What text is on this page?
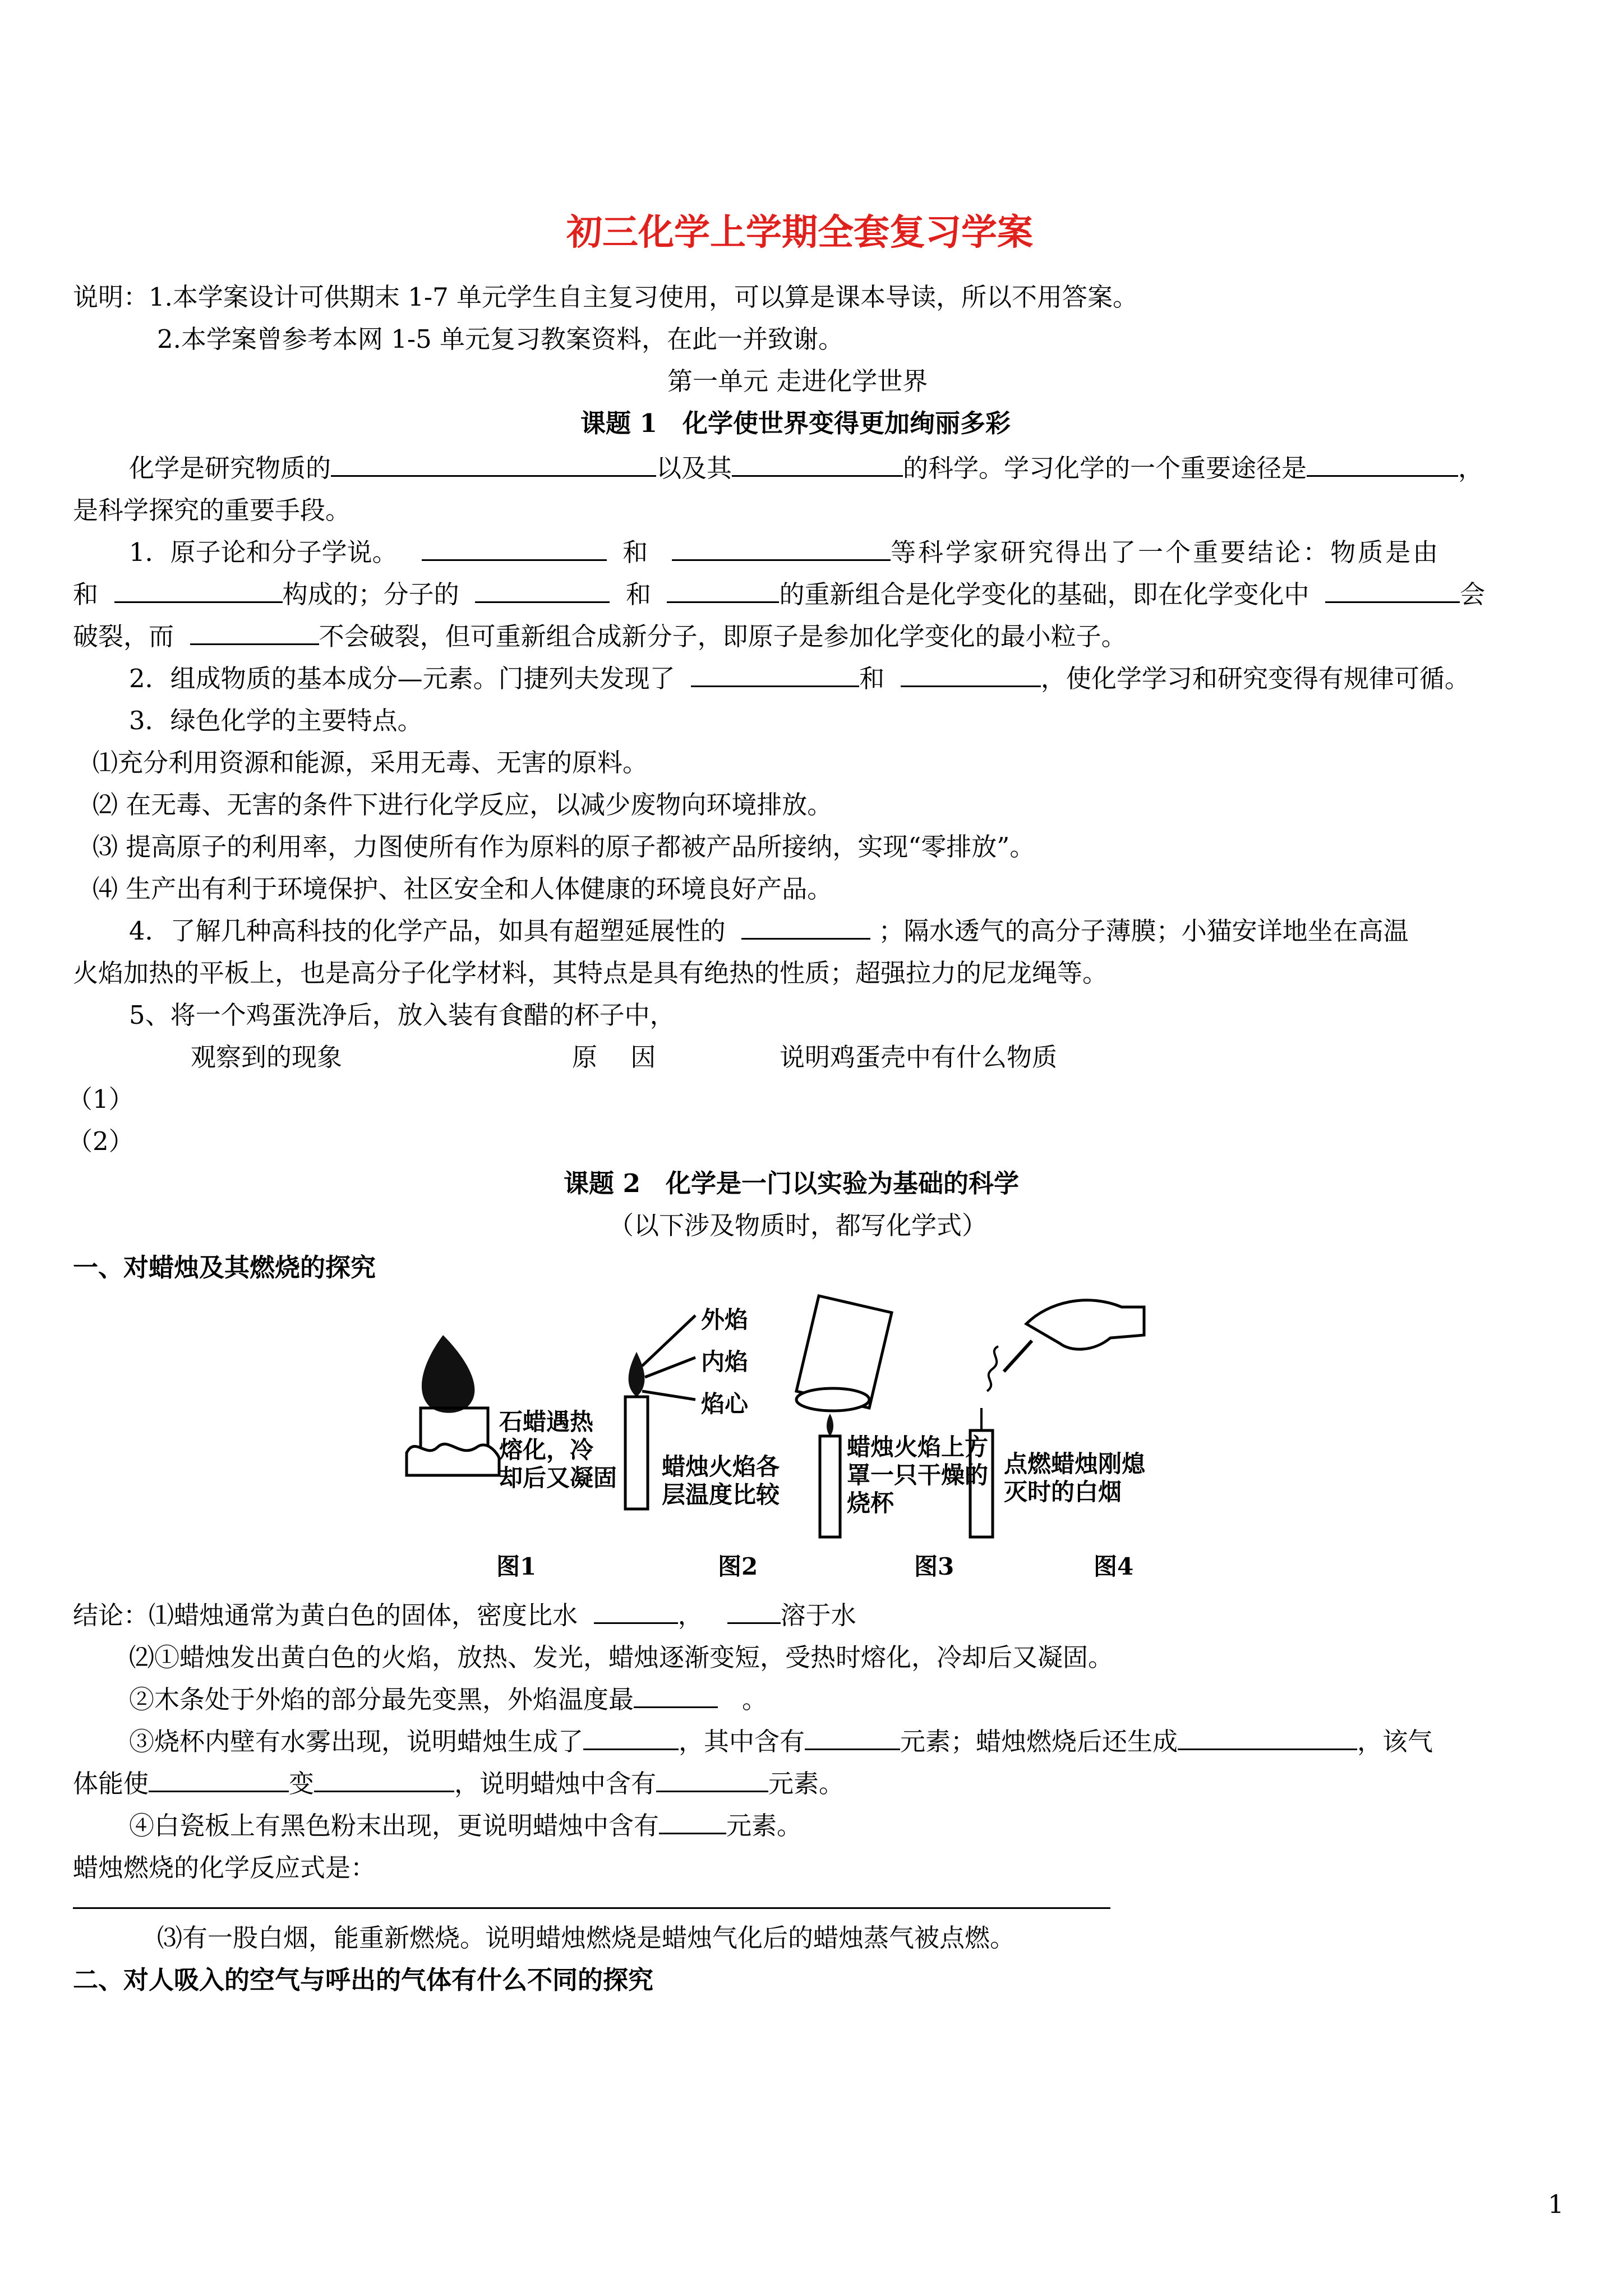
初三化学上学期全套复习学案
说明：1.本学案设计可供期末 1-7 单元学生自主复习使用，可以算是课本导读，所以不用答案。
2.本学案曾参考本网 1-5 单元复习教案资料，在此一并致谢。
第一单元 走进化学世界
课题 1　化学使世界变得更加绚丽多彩
化学是研究物质的	以及其	的科学。学习化学的一个重要途径是	，
是科学探究的重要手段。
1．原子论和分子学说。	和	等科学家研究得出了一个重要结论：物质是由
和	构成的；分子的	和	的重新组合是化学变化的基础，即在化学变化中	会
破裂，而	不会破裂，但可重新组合成新分子，即原子是参加化学变化的最小粒子。
2．组成物质的基本成分—元素。门捷列夫发现了	和	，使化学学习和研究变得有规律可循。
3．绿色化学的主要特点。
⑴充分利用资源和能源，采用无毒、无害的原料。
⑵ 在无毒、无害的条件下进行化学反应，以减少废物向环境排放。
⑶ 提高原子的利用率，力图使所有作为原料的原子都被产品所接纳，实现“零排放”。
⑷ 生产出有利于环境保护、社区安全和人体健康的环境良好产品。
4．了解几种高科技的化学产品，如具有超塑延展性的	；隔水透气的高分子薄膜；小猫安详地坐在高温
火焰加热的平板上，也是高分子化学材料，其特点是具有绝热的性质；超强拉力的尼龙绳等。
5、将一个鸡蛋洗净后，放入装有食醋的杯子中，
观察到的现象	原　 因	说明鸡蛋壳中有什么物质
（1）
（2）
课题 2　化学是一门以实验为基础的科学
（以下涉及物质时，都写化学式）
一、对蜡烛及其燃烧的探究
石蜡遇热
熔化，冷
却后又凝固
外焰
内焰
焰心
蜡烛火焰各
层温度比较
蜡烛火焰上方
罩一只干燥的
烧杯
点燃蜡烛刚熄
灭时的白烟
图1	图2	图3	图4
结论：⑴蜡烛通常为黄白色的固体，密度比水	，	溶于水
⑵①蜡烛发出黄白色的火焰，放热、发光，蜡烛逐渐变短，受热时熔化，冷却后又凝固。
②木条处于外焰的部分最先变黑，外焰温度最	。
③烧杯内壁有水雾出现，说明蜡烛生成了	，其中含有	元素；蜡烛燃烧后还生成	，该气
体能使	变	，说明蜡烛中含有	元素。
④白瓷板上有黑色粉末出现，更说明蜡烛中含有	元素。
蜡烛燃烧的化学反应式是：
⑶有一股白烟，能重新燃烧。说明蜡烛燃烧是蜡烛气化后的蜡烛蒸气被点燃。
二、对人吸入的空气与呼出的气体有什么不同的探究
1
